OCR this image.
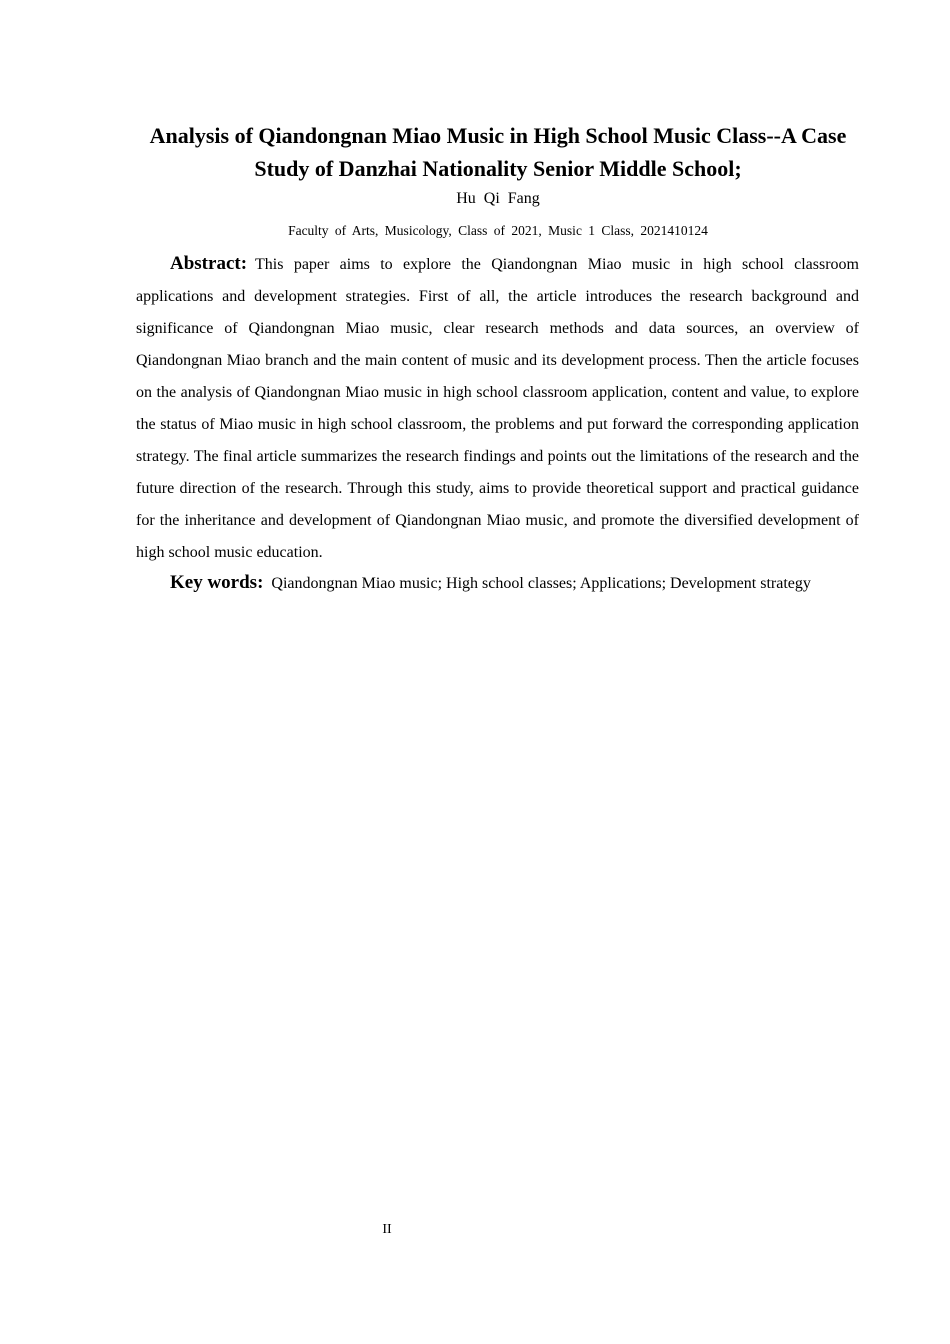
Analysis of Qiandongnan Miao Music in High School Music Class--A Case Study of Danzhai Nationality Senior Middle School;
Hu Qi Fang
Faculty of Arts, Musicology, Class of 2021, Music 1 Class, 2021410124

Abstract: This paper aims to explore the Qiandongnan Miao music in high school classroom applications and development strategies. First of all, the article introduces the research background and significance of Qiandongnan Miao music, clear research methods and data sources, an overview of Qiandongnan Miao branch and the main content of music and its development process. Then the article focuses on the analysis of Qiandongnan Miao music in high school classroom application, content and value, to explore the status of Miao music in high school classroom, the problems and put forward the corresponding application strategy. The final article summarizes the research findings and points out the limitations of the research and the future direction of the research. Through this study, aims to provide theoretical support and practical guidance for the inheritance and development of Qiandongnan Miao music, and promote the diversified development of high school music education.

Key words: Qiandongnan Miao music; High school classes; Applications; Development strategy

II
